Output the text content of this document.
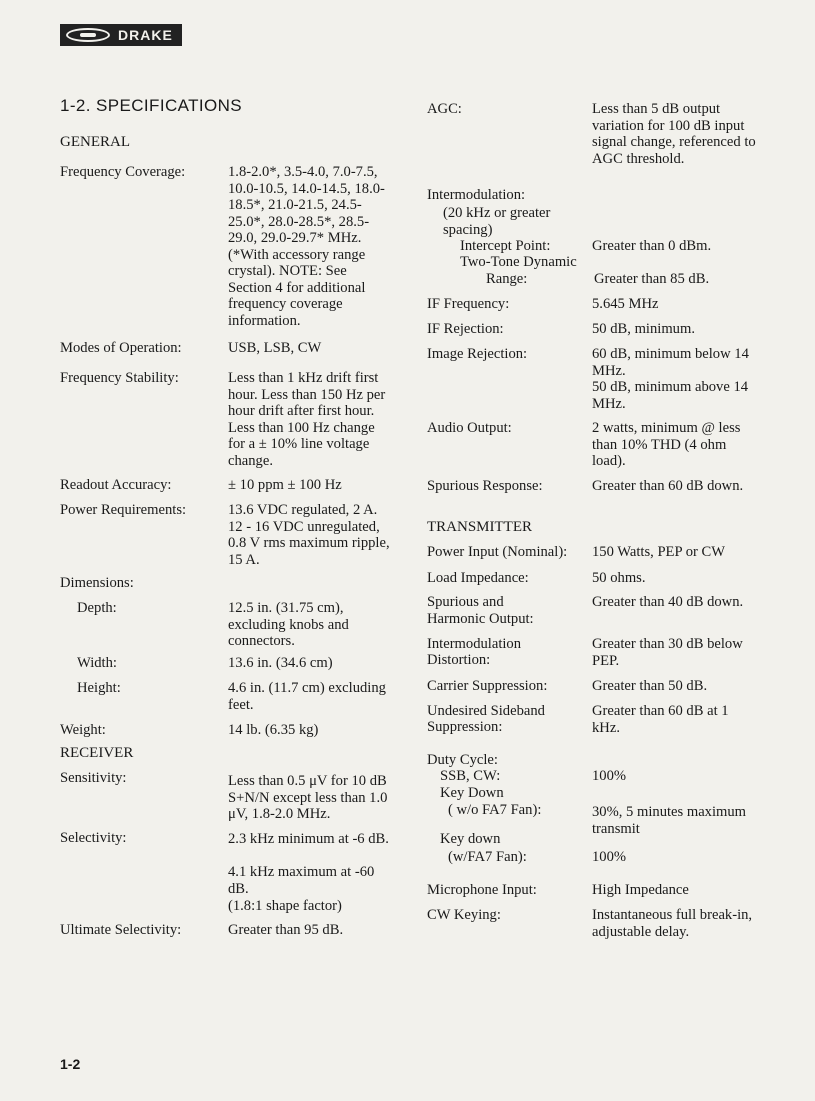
DRAKE
1-2. SPECIFICATIONS
GENERAL
Frequency Coverage:	1.8-2.0*, 3.5-4.0, 7.0-7.5, 10.0-10.5, 14.0-14.5, 18.0-18.5*, 21.0-21.5, 24.5-25.0*, 28.0-28.5*, 28.5-29.0, 29.0-29.7* MHz. (*With accessory range crystal). NOTE: See Section 4 for additional frequency coverage information.
Modes of Operation:	USB, LSB, CW
Frequency Stability:	Less than 1 kHz drift first hour. Less than 150 Hz per hour drift after first hour. Less than 100 Hz change for a ± 10% line voltage change.
Readout Accuracy:	± 10 ppm ± 100 Hz
Power Requirements:	13.6 VDC regulated, 2 A. 12 - 16 VDC unregulated, 0.8 V rms maximum ripple, 15 A.
Dimensions:
Depth:	12.5 in. (31.75 cm), excluding knobs and connectors.
Width:	13.6 in. (34.6 cm)
Height:	4.6 in. (11.7 cm) excluding feet.
Weight:	14 lb. (6.35 kg)
RECEIVER
Sensitivity:	Less than 0.5 μV for 10 dB S+N/N except less than 1.0 μV, 1.8-2.0 MHz.
Selectivity:	2.3 kHz minimum at -6 dB.
4.1 kHz maximum at -60 dB.
(1.8:1 shape factor)
Ultimate Selectivity:	Greater than 95 dB.
AGC:	Less than 5 dB output variation for 100 dB input signal change, referenced to AGC threshold.
Intermodulation:
(20 kHz or greater spacing)
Intercept Point:	Greater than 0 dBm.
Two-Tone Dynamic
Range:	Greater than 85 dB.
IF Frequency:	5.645 MHz
IF Rejection:	50 dB, minimum.
Image Rejection:	60 dB, minimum below 14 MHz.
50 dB, minimum above 14 MHz.
Audio Output:	2 watts, minimum @ less than 10% THD (4 ohm load).
Spurious Response:	Greater than 60 dB down.
TRANSMITTER
Power Input (Nominal): 150 Watts, PEP or CW
Load Impedance:	50 ohms.
Spurious and
Harmonic Output:
Greater than 40 dB down.
Intermodulation
Distortion:
Greater than 30 dB below PEP.
Carrier Suppression:	Greater than 50 dB.
Undesired Sideband
Suppression:
Greater than 60 dB at 1 kHz.
Duty Cycle:
SSB, CW:	100%
Key Down
( w/o FA7 Fan):	30%, 5 minutes maximum transmit
Key down
(w/FA7 Fan):	100%
Microphone Input:	High Impedance
CW Keying:	Instantaneous full break-in, adjustable delay.
1-2
